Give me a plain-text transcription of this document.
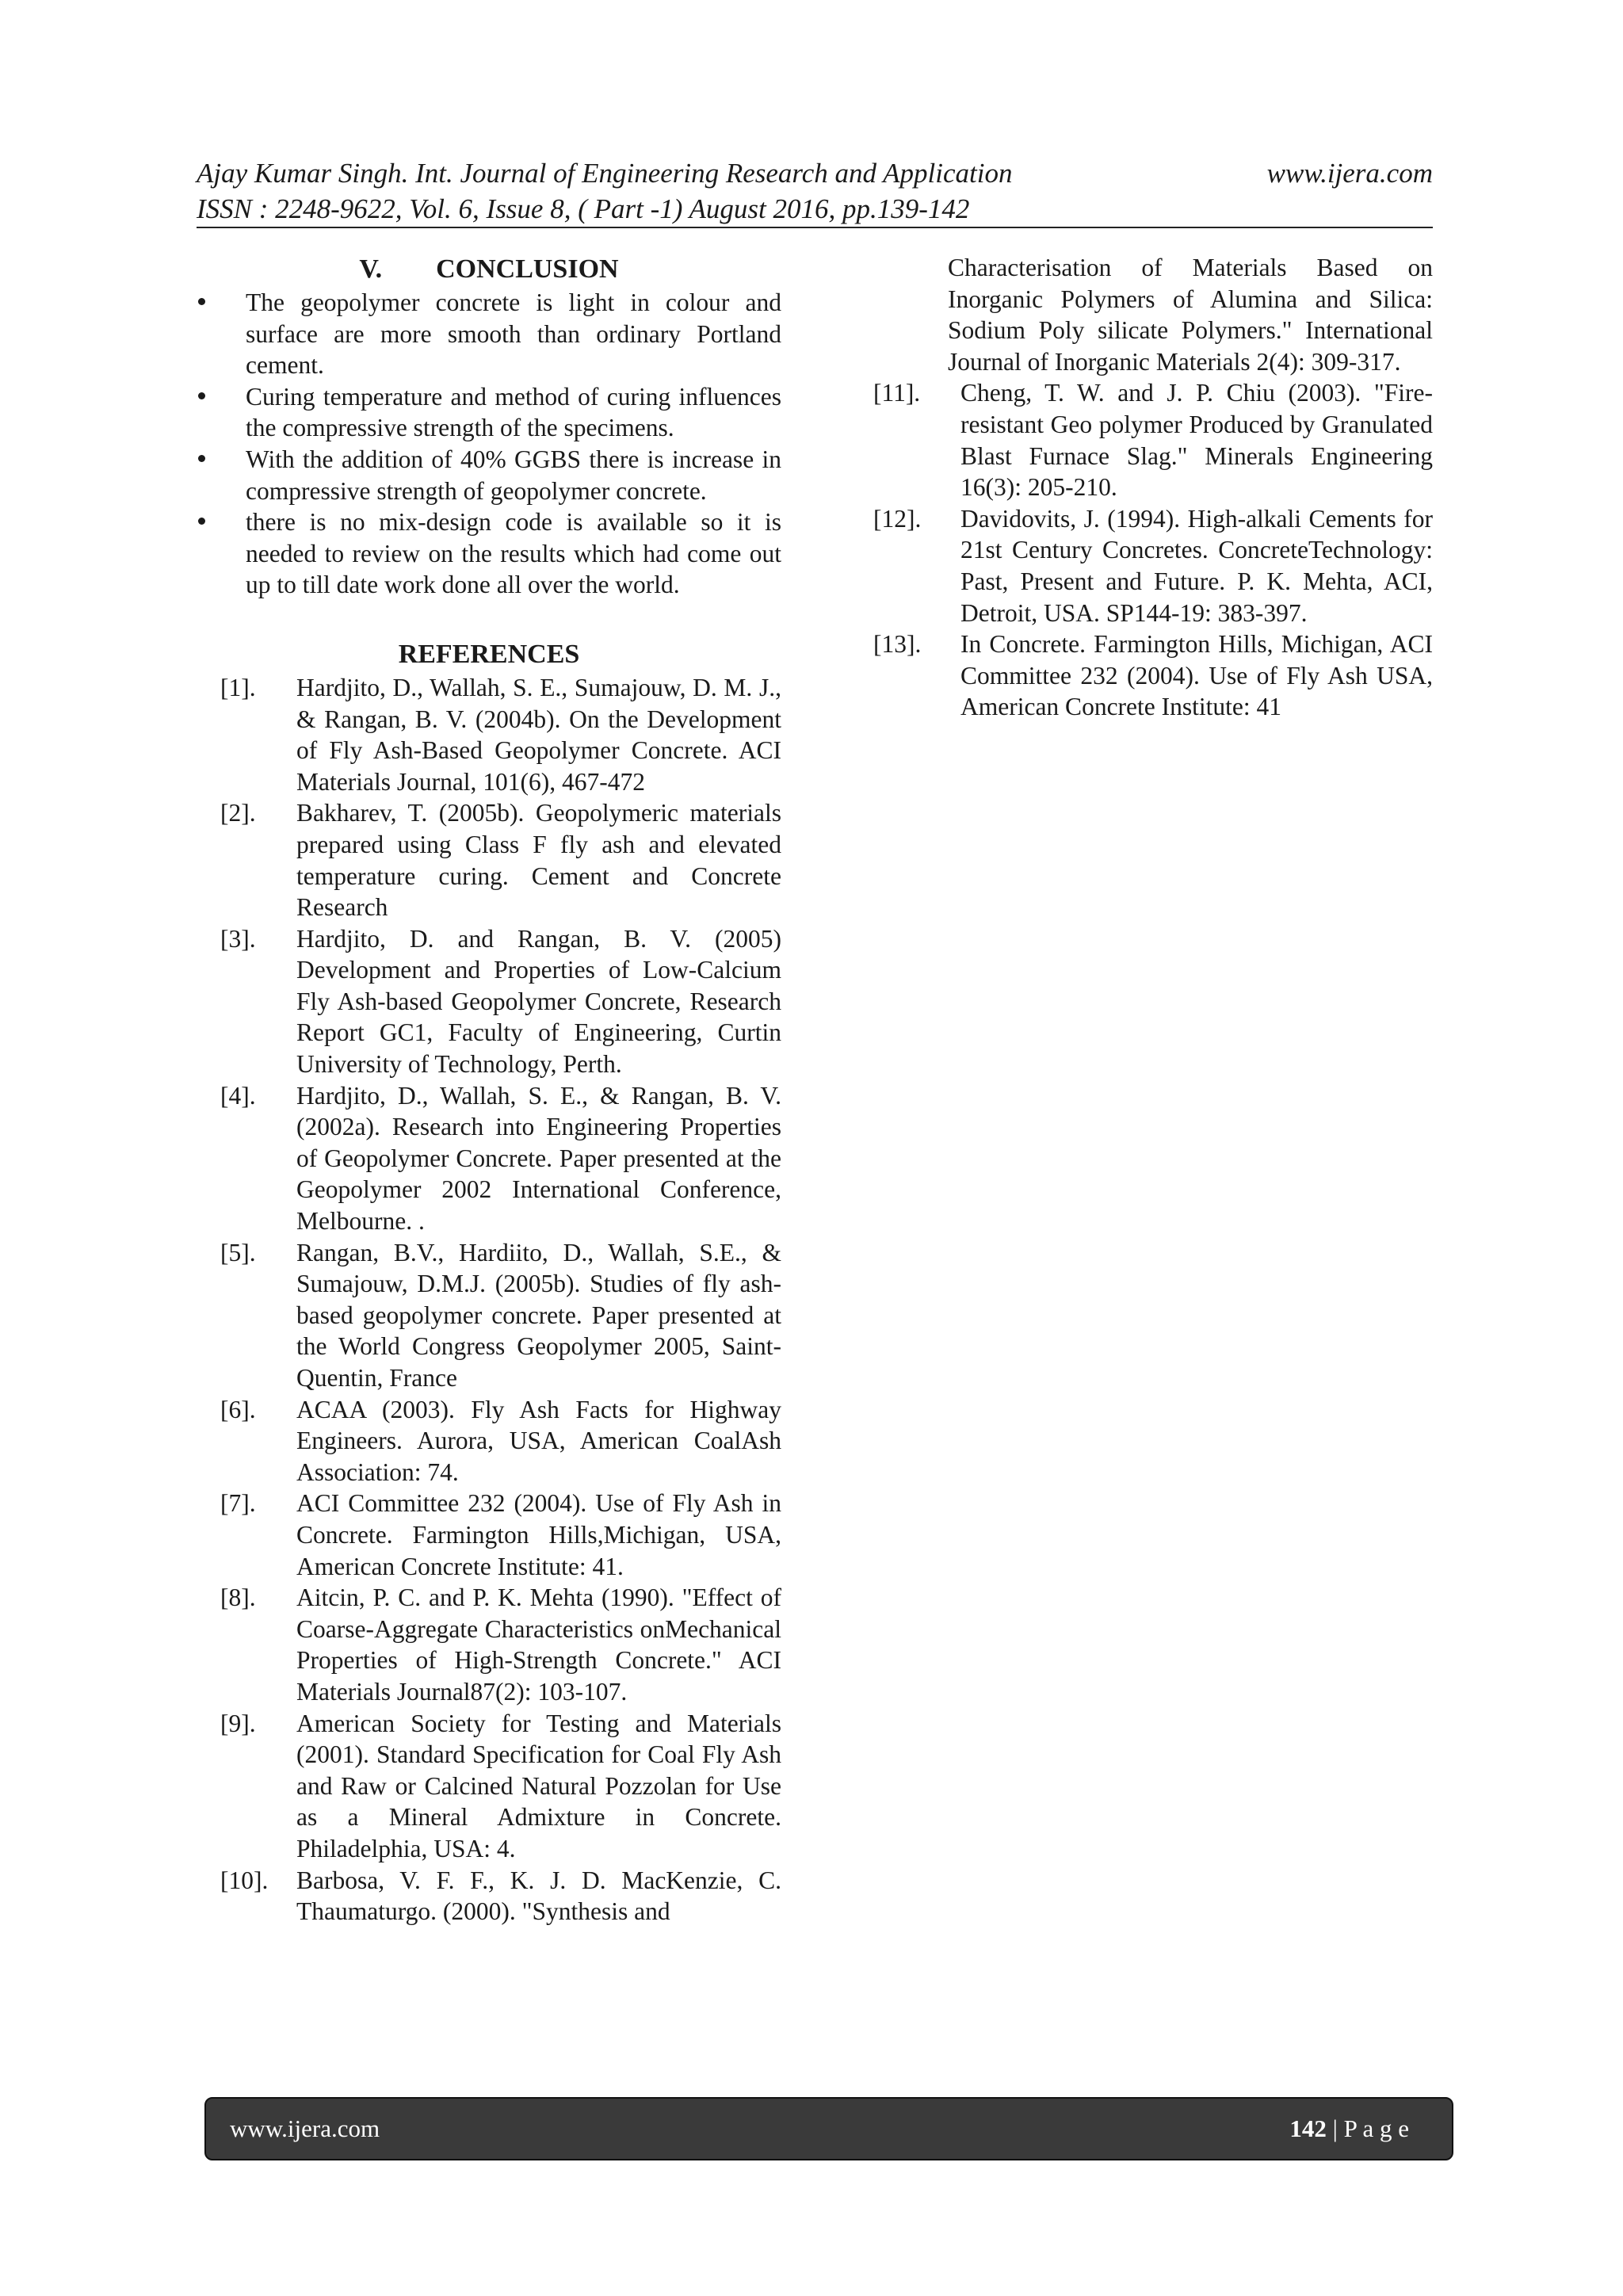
Ajay Kumar Singh. Int. Journal of Engineering Research and Application	www.ijera.com
ISSN : 2248-9622, Vol. 6, Issue 8, ( Part -1) August 2016, pp.139-142
V.  CONCLUSION
The geopolymer concrete is light in colour and surface are more smooth than ordinary Portland cement.
Curing temperature and method of curing influences the compressive strength of the specimens.
With the addition of 40% GGBS there is increase in compressive strength of geopolymer concrete.
there is no mix-design code is available so it is needed to review on the results which had come out up to till date work done all over the world.
REFERENCES
[1].	Hardjito, D., Wallah, S. E., Sumajouw, D. M. J., & Rangan, B. V. (2004b). On the Development of Fly Ash-Based Geopolymer Concrete. ACI Materials Journal, 101(6), 467-472
[2].	Bakharev, T. (2005b). Geopolymeric materials prepared using Class F fly ash and elevated temperature curing. Cement and Concrete Research
[3].	Hardjito, D. and Rangan, B. V. (2005) Development and Properties of Low-Calcium Fly Ash-based Geopolymer Concrete, Research Report GC1, Faculty of Engineering, Curtin University of Technology, Perth.
[4].	Hardjito, D., Wallah, S. E., & Rangan, B. V. (2002a). Research into Engineering Properties of Geopolymer Concrete. Paper presented at the Geopolymer 2002 International Conference, Melbourne. .
[5].	Rangan, B.V., Hardiito, D., Wallah, S.E., & Sumajouw, D.M.J. (2005b). Studies of fly ash-based geopolymer concrete. Paper presented at the World Congress Geopolymer 2005, Saint-Quentin, France
[6].	ACAA (2003). Fly Ash Facts for Highway Engineers. Aurora, USA, American CoalAsh Association: 74.
[7].	ACI Committee 232 (2004). Use of Fly Ash in Concrete. Farmington Hills,Michigan, USA, American Concrete Institute: 41.
[8].	Aitcin, P. C. and P. K. Mehta (1990). "Effect of Coarse-Aggregate Characteristics onMechanical Properties of High-Strength Concrete." ACI Materials Journal87(2): 103-107.
[9].	American Society for Testing and Materials (2001). Standard Specification for Coal Fly Ash and Raw or Calcined Natural Pozzolan for Use as a Mineral Admixture in Concrete. Philadelphia, USA: 4.
[10].	Barbosa, V. F. F., K. J. D. MacKenzie, C. Thaumaturgo. (2000). "Synthesis and
Characterisation of Materials Based on Inorganic Polymers of Alumina and Silica: Sodium Poly silicate Polymers." International Journal of Inorganic Materials 2(4): 309-317.
[11].	Cheng, T. W. and J. P. Chiu (2003). "Fire-resistant Geo polymer Produced by Granulated Blast Furnace Slag." Minerals Engineering 16(3): 205-210.
[12].	Davidovits, J. (1994). High-alkali Cements for 21st Century Concretes. ConcreteTechnology: Past, Present and Future. P. K. Mehta, ACI, Detroit, USA. SP144-19: 383-397.
[13].	In Concrete. Farmington Hills, Michigan, ACI Committee 232 (2004). Use of Fly Ash USA, American Concrete Institute: 41
www.ijera.com	142 | P a g e
